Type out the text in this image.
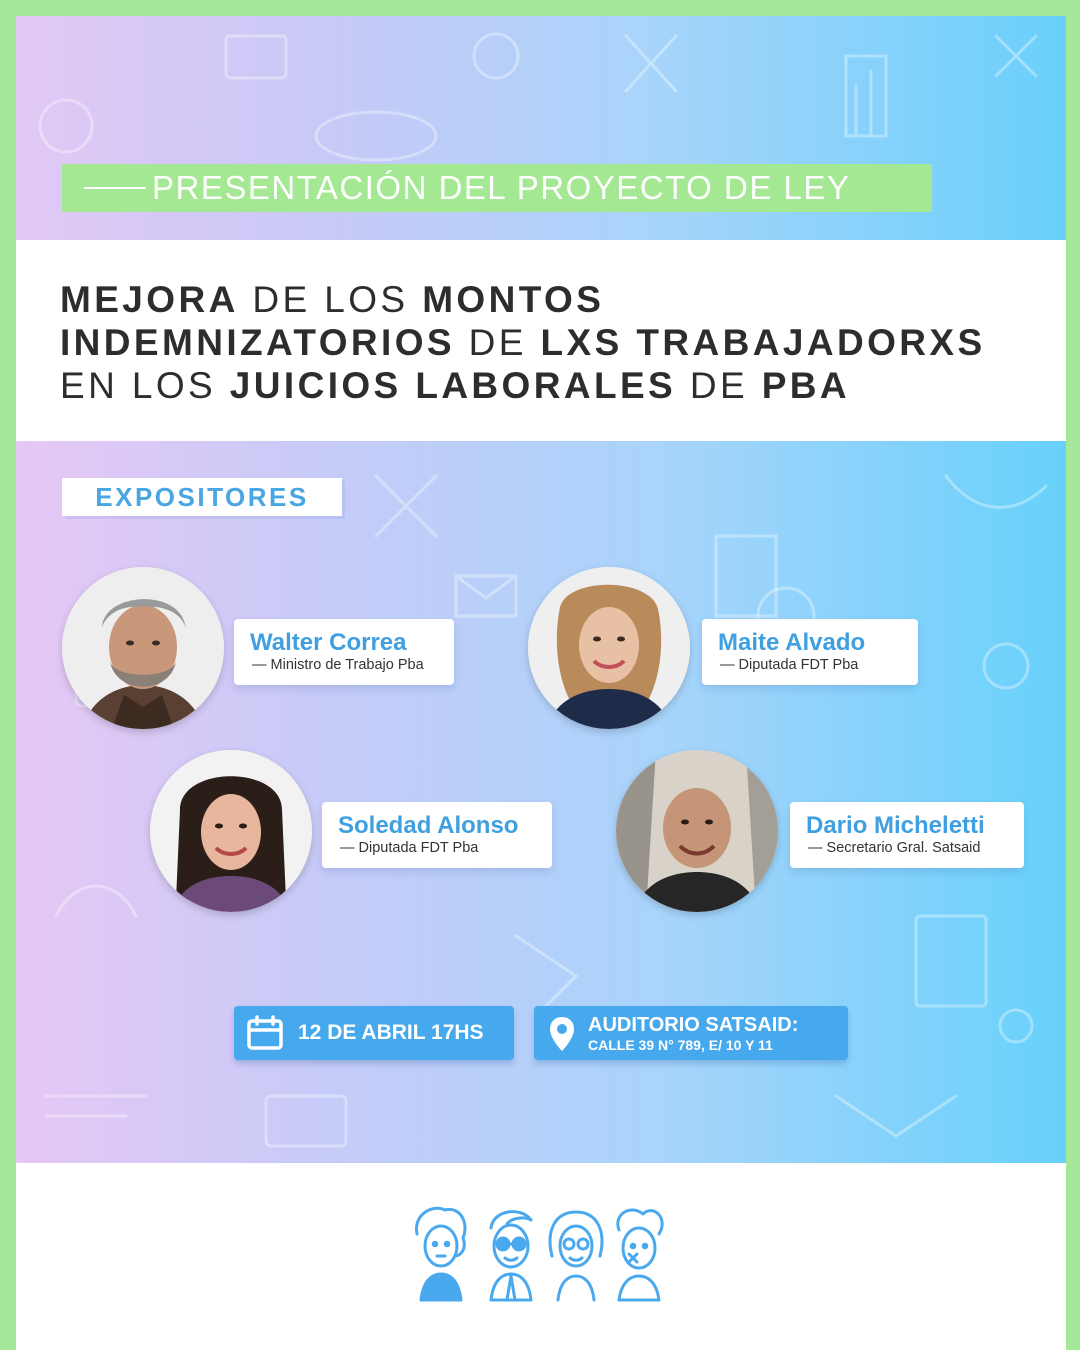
PRESENTACIÓN DEL PROYECTO DE LEY
MEJORA DE LOS MONTOS
INDEMNIZATORIOS DE LXS TRABAJADORXS
EN LOS JUICIOS LABORALES DE PBA
EXPOSITORES
Walter Correa
— Ministro de Trabajo Pba
Maite Alvado
— Diputada FDT Pba
Soledad Alonso
— Diputada FDT Pba
Dario Micheletti
— Secretario Gral. Satsaid
12 DE ABRIL 17HS	AUDITORIO SATSAID:
CALLE 39 N° 789, E/ 10 Y 11
